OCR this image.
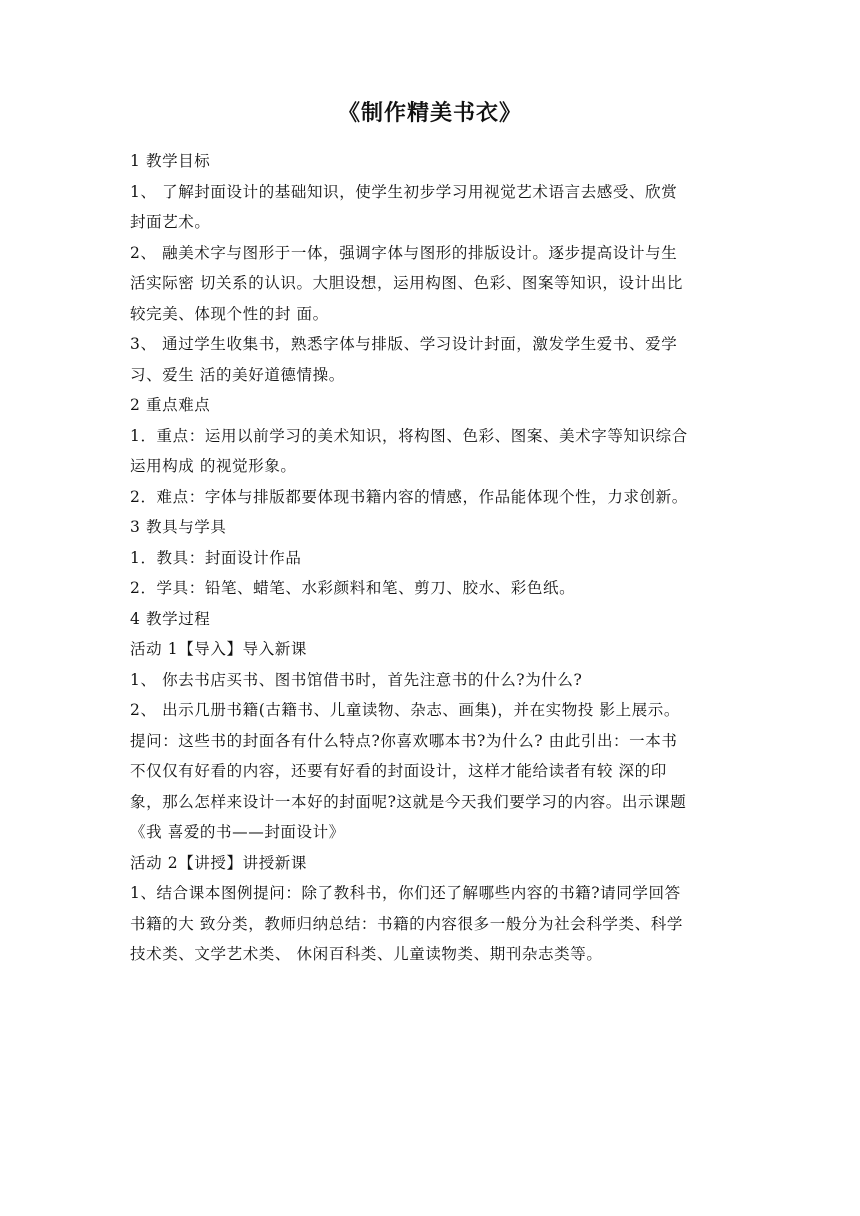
《制作精美书衣》
1 教学目标
1、 了解封面设计的基础知识，使学生初步学习用视觉艺术语言去感受、欣赏
封面艺术。
2、 融美术字与图形于一体，强调字体与图形的排版设计。逐步提高设计与生
活实际密 切关系的认识。大胆设想，运用构图、色彩、图案等知识，设计出比
较完美、体现个性的封 面。
3、 通过学生收集书，熟悉字体与排版、学习设计封面，激发学生爱书、爱学
习、爱生 活的美好道德情操。
2 重点难点
1．重点：运用以前学习的美术知识，将构图、色彩、图案、美术字等知识综合
运用构成 的视觉形象。
2．难点：字体与排版都要体现书籍内容的情感，作品能体现个性，力求创新。
3 教具与学具
1．教具：封面设计作品
2．学具：铅笔、蜡笔、水彩颜料和笔、剪刀、胶水、彩色纸。
4 教学过程
活动 1【导入】导入新课
1、 你去书店买书、图书馆借书时，首先注意书的什么?为什么?
2、 出示几册书籍(古籍书、儿童读物、杂志、画集)，并在实物投 影上展示。
提问：这些书的封面各有什么特点?你喜欢哪本书?为什么? 由此引出：一本书
不仅仅有好看的内容，还要有好看的封面设计，这样才能给读者有较 深的印
象，那么怎样来设计一本好的封面呢?这就是今天我们要学习的内容。出示课题
《我 喜爱的书——封面设计》
活动 2【讲授】讲授新课
1、结合课本图例提问：除了教科书，你们还了解哪些内容的书籍?请同学回答
书籍的大 致分类，教师归纳总结：书籍的内容很多一般分为社会科学类、科学
技术类、文学艺术类、 休闲百科类、儿童读物类、期刊杂志类等。
